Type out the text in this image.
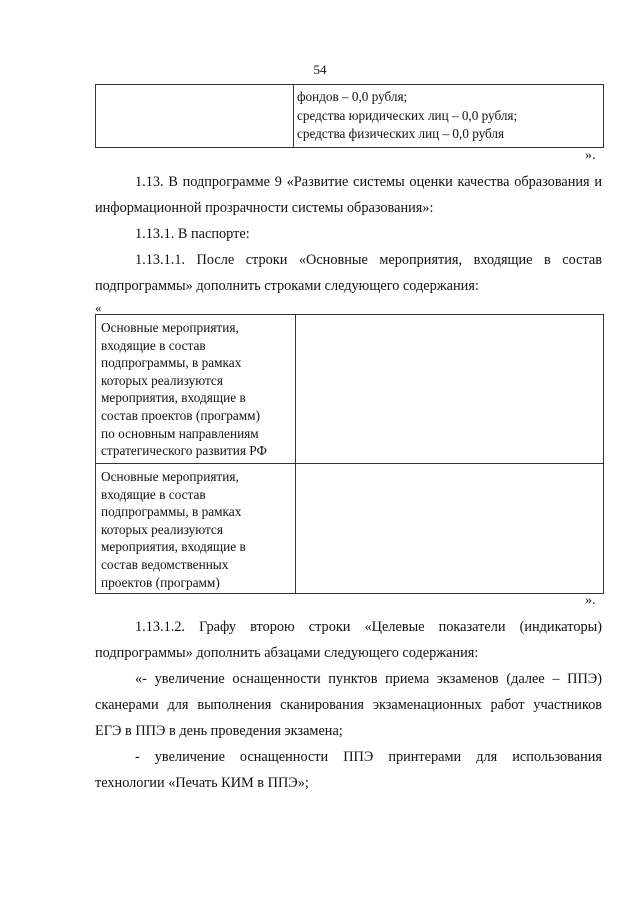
54
фондов – 0,0 рубля;
средства юридических лиц – 0,0 рубля;
средства физических лиц – 0,0 рубля
».
1.13. В подпрограмме 9 «Развитие системы оценки качества образования и
информационной прозрачности системы образования»:
1.13.1. В паспорте:
1.13.1.1. После строки «Основные мероприятия, входящие в состав
подпрограммы» дополнить строками следующего содержания:
«
Основные мероприятия,
входящие в состав
подпрограммы, в рамках
которых реализуются
мероприятия, входящие в
состав проектов (программ)
по основным направлениям
стратегического развития РФ
Основные мероприятия,
входящие в состав
подпрограммы, в рамках
которых реализуются
мероприятия, входящие в
состав ведомственных
проектов (программ)
».
1.13.1.2. Графу второю строки «Целевые показатели (индикаторы)
подпрограммы» дополнить абзацами следующего содержания:
«- увеличение оснащенности пунктов приема экзаменов (далее – ППЭ)
сканерами для выполнения сканирования экзаменационных работ участников
ЕГЭ в ППЭ в день проведения экзамена;
- увеличение оснащенности ППЭ принтерами для использования
технологии «Печать КИМ в ППЭ»;
